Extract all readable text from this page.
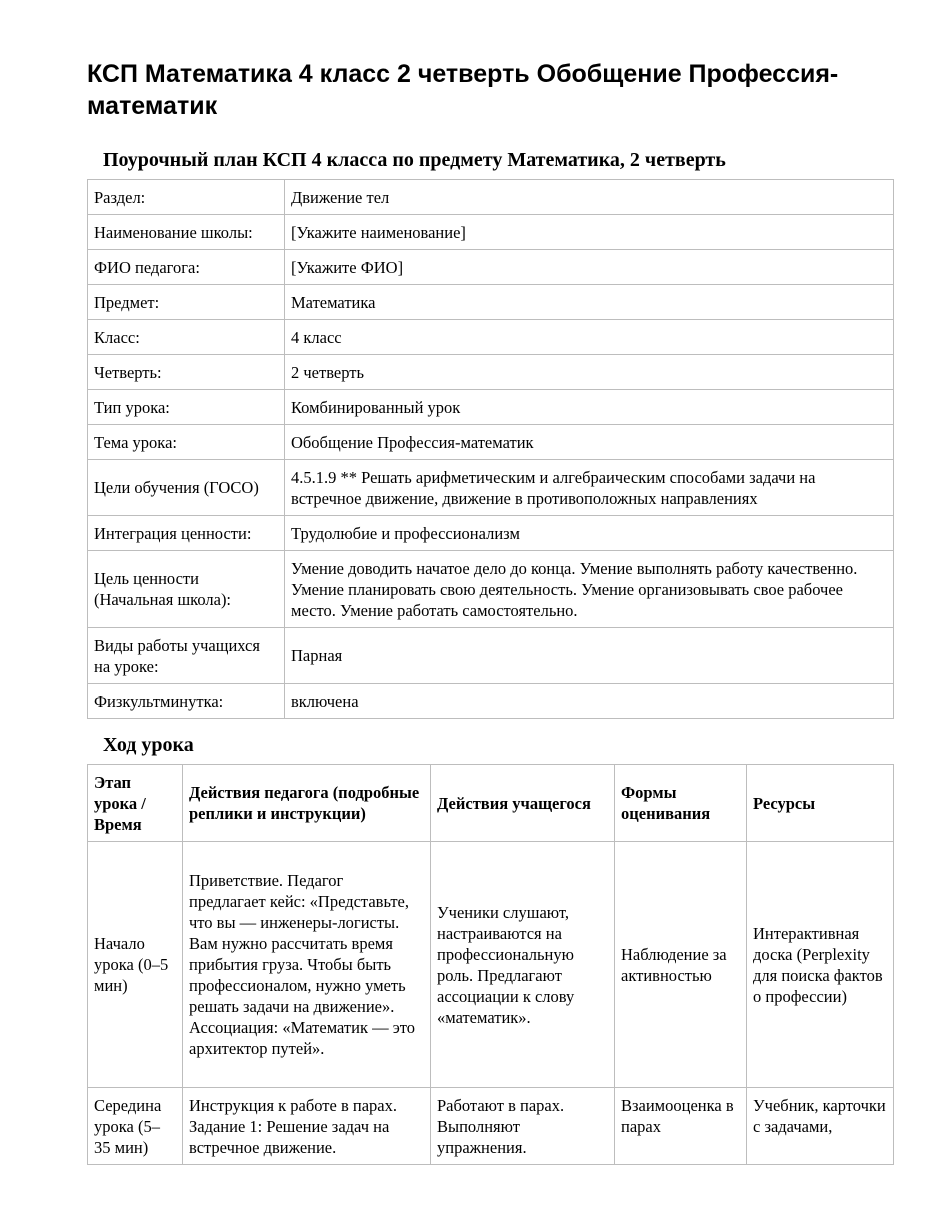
КСП Математика 4 класс 2 четверть Обобщение Профессия-математик
Поурочный план КСП 4 класса по предмету Математика, 2 четверть
Раздел:	Движение тел
Наименование школы:	[Укажите наименование]
ФИО педагога:	[Укажите ФИО]
Предмет:	Математика
Класс:	4 класс
Четверть:	2 четверть
Тип урока:	Комбинированный урок
Тема урока:	Обобщение Профессия-математик
Цели обучения (ГОСО)	4.5.1.9 ** Решать арифметическим и алгебраическим способами задачи на встречное движение, движение в противоположных направлениях
Интеграция ценности:	Трудолюбие и профессионализм
Цель ценности (Начальная школа):	Умение доводить начатое дело до конца. Умение выполнять работу качественно. Умение планировать свою деятельность. Умение организовывать свое рабочее место. Умение работать самостоятельно.
Виды работы учащихся на уроке:	Парная
Физкультминутка:	включена
Ход урока
Этап урока / Время	Действия педагога (подробные реплики и инструкции)	Действия учащегося	Формы оценивания	Ресурсы
Начало урока (0–5 мин)	Приветствие. Педагог предлагает кейс: «Представьте, что вы — инженеры-логисты. Вам нужно рассчитать время прибытия груза. Чтобы быть профессионалом, нужно уметь решать задачи на движение». Ассоциация: «Математик — это архитектор путей».	Ученики слушают, настраиваются на профессиональную роль. Предлагают ассоциации к слову «математик».	Наблюдение за активностью	Интерактивная доска (Perplexity для поиска фактов о профессии)
Середина урока (5–35 мин)	Инструкция к работе в парах. Задание 1: Решение задач на встречное движение.	Работают в парах. Выполняют упражнения.	Взаимооценка в парах	Учебник, карточки с задачами,
